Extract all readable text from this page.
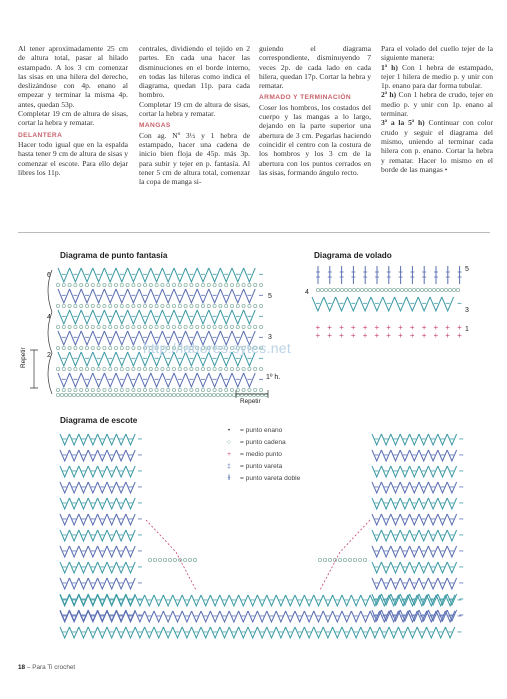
Al tener aproximadamente 25 cm de altura total, pasar al hilado estampado. A los 3 cm comenzar las sisas en una hilera del derecho, deslizándose con 4p. enano al empezar y terminar la misma 4p. antes, quedan 53p.

Completar 19 cm de altura de sisas, cortar la hebra y rematar.

DELANTERA

Hacer todo igual que en la espalda hasta tener 9 cm de altura de sisas y comenzar el escote. Para ello dejar libres los 11p.

centrales, dividiendo el tejido en 2 partes. En cada una hacer las disminuciones en el borde interno, en todas las hileras como indica el diagrama, quedan 11p. para cada hombro.

Completar 19 cm de altura de sisas, cortar la hebra y rematar.

MANGAS

Con ag. Nº 3½ y 1 hebra de estampado, hacer una cadena de inicio bien floja de 45p. más 3p. para subir y tejer en p. fantasía. Al tener 5 cm de altura total, comenzar la copa de manga si-

guiendo el diagrama correspondiente, disminuyendo 7 veces 2p. de cada lado en cada hilera, quedan 17p. Cortar la hebra y rematar.

ARMADO Y TERMINACIÓN

Coser los hombros, los costados del cuerpo y las mangas a lo largo, dejando en la parte superior una abertura de 3 cm. Pegarlas haciendo coincidir el centro con la costura de los hombros y los 3 cm de la abertura con los puntos cerrados en las sisas, formando ángulo recto.

Para el volado del cuello tejer de la siguiente manera:

1ª h) Con 1 hebra de estampado, tejer 1 hilera de medio p. y unir con 1p. enano para dar forma tubular.

2ª h) Con 1 hebra de crudo, tejer en medio p. y unir con 1p. enano al terminar.

3ª a la 5ª h) Continuar con color crudo y seguir el diagrama del mismo, uniendo al terminar cada hilera con p. enano. Cortar la hebra y rematar. Hacer lo mismo en el borde de las mangas •

+
+
+
+
+
+
+
+
+
+
+
+
+
+
+
+
+
+
+
+
+
+
+
+
+
+
Diagrama de punto fantasía	Diagrama de volado
Diagrama de escote
6
4
2
5
3
1º h.
Repetir
Repetir
4
5
3
1
•	= punto enano
○	= punto cadena
+	= medio punto
‡	= punto vareta
⫵	= punto vareta doble
http://labores.sytes.net
18 – Para Ti crochet
